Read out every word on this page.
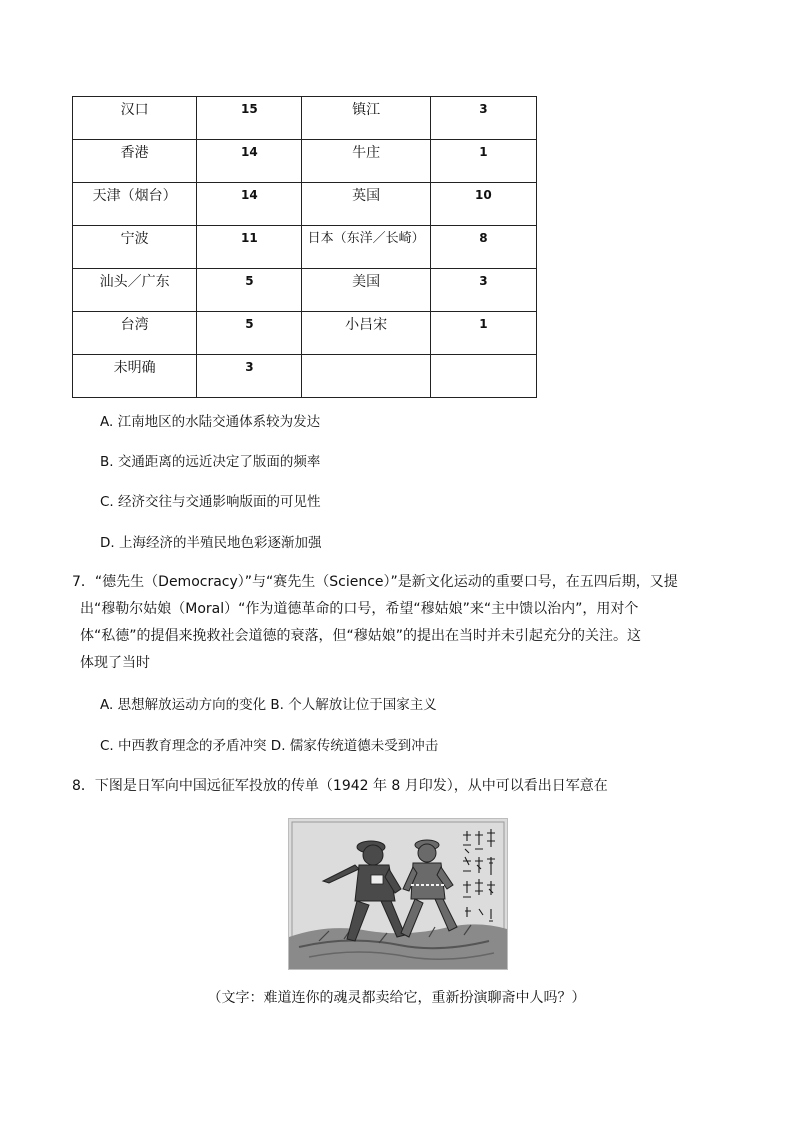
汉口	15	镇江	3

香港	14	牛庄	1

天津（烟台）	14	英国	10

宁波	11	日本（东洋／长崎）	8

汕头／广东	5	美国	3

台湾	5	小吕宋	1

未明确	3		

A. 江南地区的水陆交通体系较为发达
B. 交通距离的远近决定了版面的频率
C. 经济交往与交通影响版面的可见性
D. 上海经济的半殖民地色彩逐渐加强
7．“德先生（Democracy）”与“赛先生（Science）”是新文化运动的重要口号，在五四后期，又提
出“穆勒尔姑娘（Moral）“作为道德革命的口号，希望“穆姑娘”来“主中馈以治内”，用对个
体“私德”的提倡来挽救社会道德的衰落，但“穆姑娘”的提出在当时并未引起充分的关注。这
体现了当时
A. 思想解放运动方向的变化 B. 个人解放让位于国家主义
C. 中西教育理念的矛盾冲突 D. 儒家传统道德未受到冲击
8．下图是日军向中国远征军投放的传单（1942 年 8 月印发），从中可以看出日军意在
（文字：难道连你的魂灵都卖给它，重新扮演聊斋中人吗？）
